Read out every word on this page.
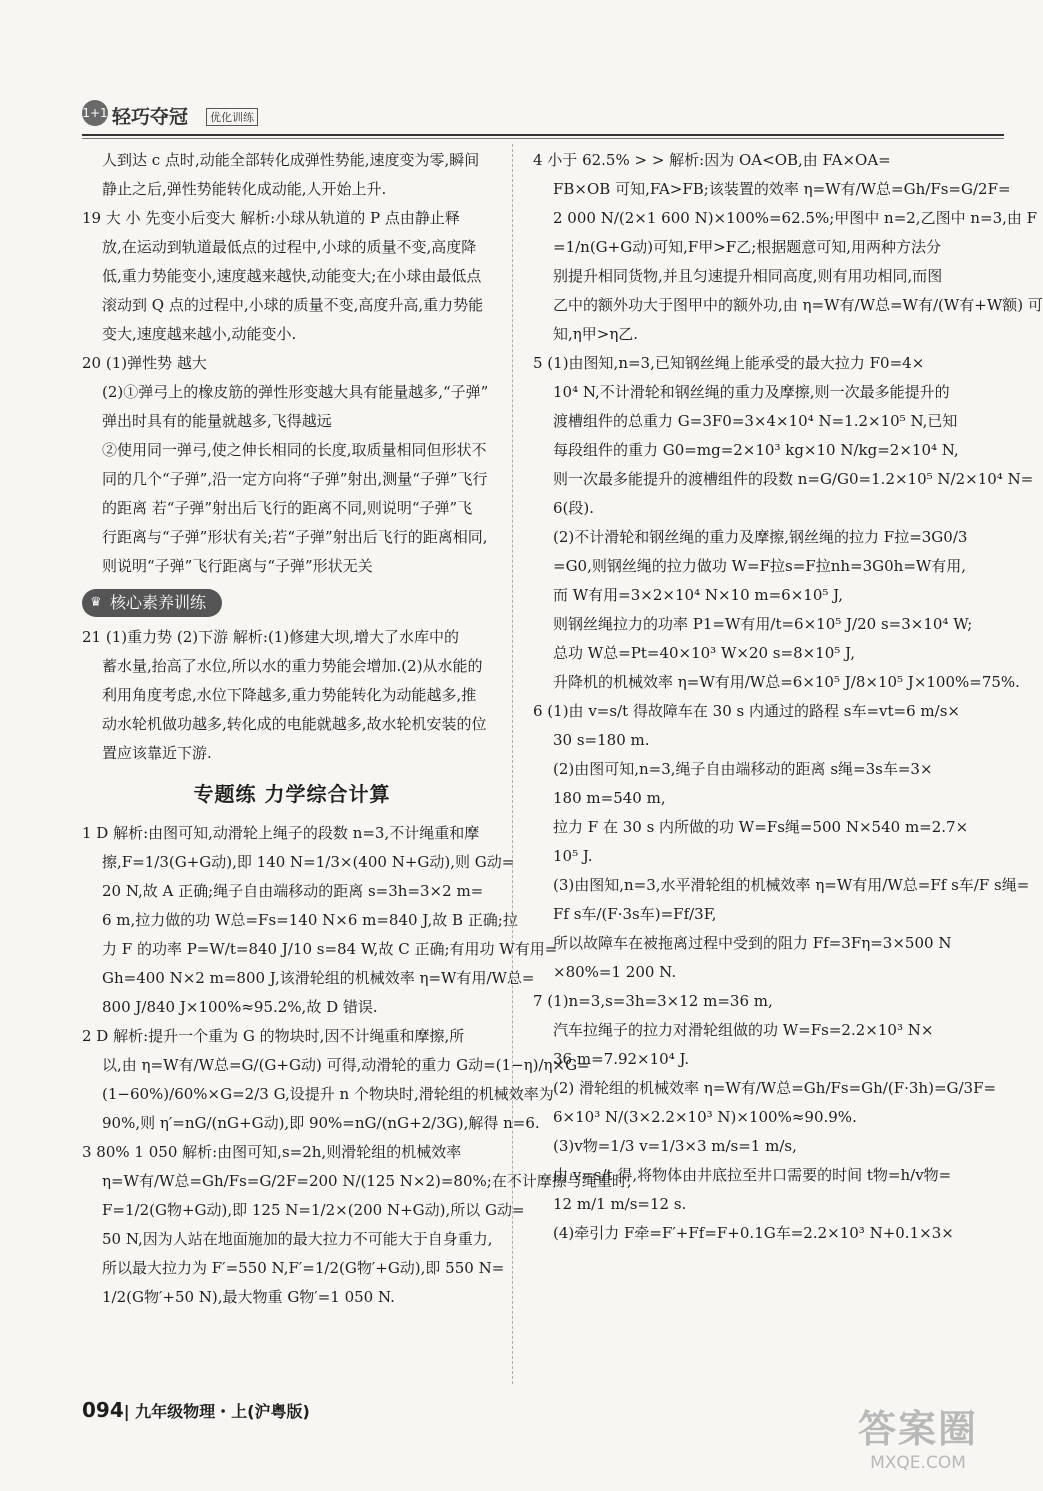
1+1 轻巧夺冠	优化训练
人到达 c 点时,动能全部转化成弹性势能,速度变为零,瞬间
静止之后,弹性势能转化成动能,人开始上升.
19 大 小 先变小后变大 解析:小球从轨道的 P 点由静止释
放,在运动到轨道最低点的过程中,小球的质量不变,高度降
低,重力势能变小,速度越来越快,动能变大;在小球由最低点
滚动到 Q 点的过程中,小球的质量不变,高度升高,重力势能
变大,速度越来越小,动能变小.
20 (1)弹性势 越大
(2)①弹弓上的橡皮筋的弹性形变越大具有能量越多,“子弹”
弹出时具有的能量就越多,飞得越远
②使用同一弹弓,使之伸长相同的长度,取质量相同但形状不
同的几个“子弹”,沿一定方向将“子弹”射出,测量“子弹”飞行
的距离 若“子弹”射出后飞行的距离不同,则说明“子弹”飞
行距离与“子弹”形状有关;若“子弹”射出后飞行的距离相同,
则说明“子弹”飞行距离与“子弹”形状无关
♛ 核心素养训练
21 (1)重力势 (2)下游 解析:(1)修建大坝,增大了水库中的
蓄水量,抬高了水位,所以水的重力势能会增加.(2)从水能的
利用角度考虑,水位下降越多,重力势能转化为动能越多,推
动水轮机做功越多,转化成的电能就越多,故水轮机安装的位
置应该靠近下游.
专题练 力学综合计算
1 D 解析:由图可知,动滑轮上绳子的段数 n=3,不计绳重和摩
擦,F=1/3(G+G动),即 140 N=1/3×(400 N+G动),则 G动=
20 N,故 A 正确;绳子自由端移动的距离 s=3h=3×2 m=
6 m,拉力做的功 W总=Fs=140 N×6 m=840 J,故 B 正确;拉
力 F 的功率 P=W/t=840 J/10 s=84 W,故 C 正确;有用功 W有用=
Gh=400 N×2 m=800 J,该滑轮组的机械效率 η=W有用/W总=
800 J/840 J×100%≈95.2%,故 D 错误.
2 D 解析:提升一个重为 G 的物块时,因不计绳重和摩擦,所
以,由 η=W有/W总=G/(G+G动) 可得,动滑轮的重力 G动=(1−η)/η×G=
(1−60%)/60%×G=2/3 G,设提升 n 个物块时,滑轮组的机械效率为
90%,则 η′=nG/(nG+G动),即 90%=nG/(nG+2/3G),解得 n=6.
3 80% 1 050 解析:由图可知,s=2h,则滑轮组的机械效率
η=W有/W总=Gh/Fs=G/2F=200 N/(125 N×2)=80%;在不计摩擦与绳重时,
F=1/2(G物+G动),即 125 N=1/2×(200 N+G动),所以 G动=
50 N,因为人站在地面施加的最大拉力不可能大于自身重力,
所以最大拉力为 F′=550 N,F′=1/2(G物′+G动),即 550 N=
1/2(G物′+50 N),最大物重 G物′=1 050 N.
4 小于 62.5% > > 解析:因为 OA<OB,由 FA×OA=
FB×OB 可知,FA>FB;该装置的效率 η=W有/W总=Gh/Fs=G/2F=
2 000 N/(2×1 600 N)×100%=62.5%;甲图中 n=2,乙图中 n=3,由 F
=1/n(G+G动)可知,F甲>F乙;根据题意可知,用两种方法分
别提升相同货物,并且匀速提升相同高度,则有用功相同,而图
乙中的额外功大于图甲中的额外功,由 η=W有/W总=W有/(W有+W额) 可
知,η甲>η乙.
5 (1)由图知,n=3,已知钢丝绳上能承受的最大拉力 F0=4×
10⁴ N,不计滑轮和钢丝绳的重力及摩擦,则一次最多能提升的
渡槽组件的总重力 G=3F0=3×4×10⁴ N=1.2×10⁵ N,已知
每段组件的重力 G0=mg=2×10³ kg×10 N/kg=2×10⁴ N,
则一次最多能提升的渡槽组件的段数 n=G/G0=1.2×10⁵ N/2×10⁴ N=
6(段).
(2)不计滑轮和钢丝绳的重力及摩擦,钢丝绳的拉力 F拉=3G0/3
=G0,则钢丝绳的拉力做功 W=F拉s=F拉nh=3G0h=W有用,
而 W有用=3×2×10⁴ N×10 m=6×10⁵ J,
则钢丝绳拉力的功率 P1=W有用/t=6×10⁵ J/20 s=3×10⁴ W;
总功 W总=Pt=40×10³ W×20 s=8×10⁵ J,
升降机的机械效率 η=W有用/W总=6×10⁵ J/8×10⁵ J×100%=75%.
6 (1)由 v=s/t 得故障车在 30 s 内通过的路程 s车=vt=6 m/s×
30 s=180 m.
(2)由图可知,n=3,绳子自由端移动的距离 s绳=3s车=3×
180 m=540 m,
拉力 F 在 30 s 内所做的功 W=Fs绳=500 N×540 m=2.7×
10⁵ J.
(3)由图知,n=3,水平滑轮组的机械效率 η=W有用/W总=Ff s车/F s绳=
Ff s车/(F·3s车)=Ff/3F,
所以故障车在被拖离过程中受到的阻力 Ff=3Fη=3×500 N
×80%=1 200 N.
7 (1)n=3,s=3h=3×12 m=36 m,
汽车拉绳子的拉力对滑轮组做的功 W=Fs=2.2×10³ N×
36 m=7.92×10⁴ J.
(2) 滑轮组的机械效率 η=W有/W总=Gh/Fs=Gh/(F·3h)=G/3F=
6×10³ N/(3×2.2×10³ N)×100%≈90.9%.
(3)v物=1/3 v=1/3×3 m/s=1 m/s,
由 v=s/t 得,将物体由井底拉至井口需要的时间 t物=h/v物=
12 m/1 m/s=12 s.
(4)牵引力 F牵=F′+Ff=F+0.1G车=2.2×10³ N+0.1×3×
094| 九年级物理・上(沪粤版)	答案圈
MXQE.COM
